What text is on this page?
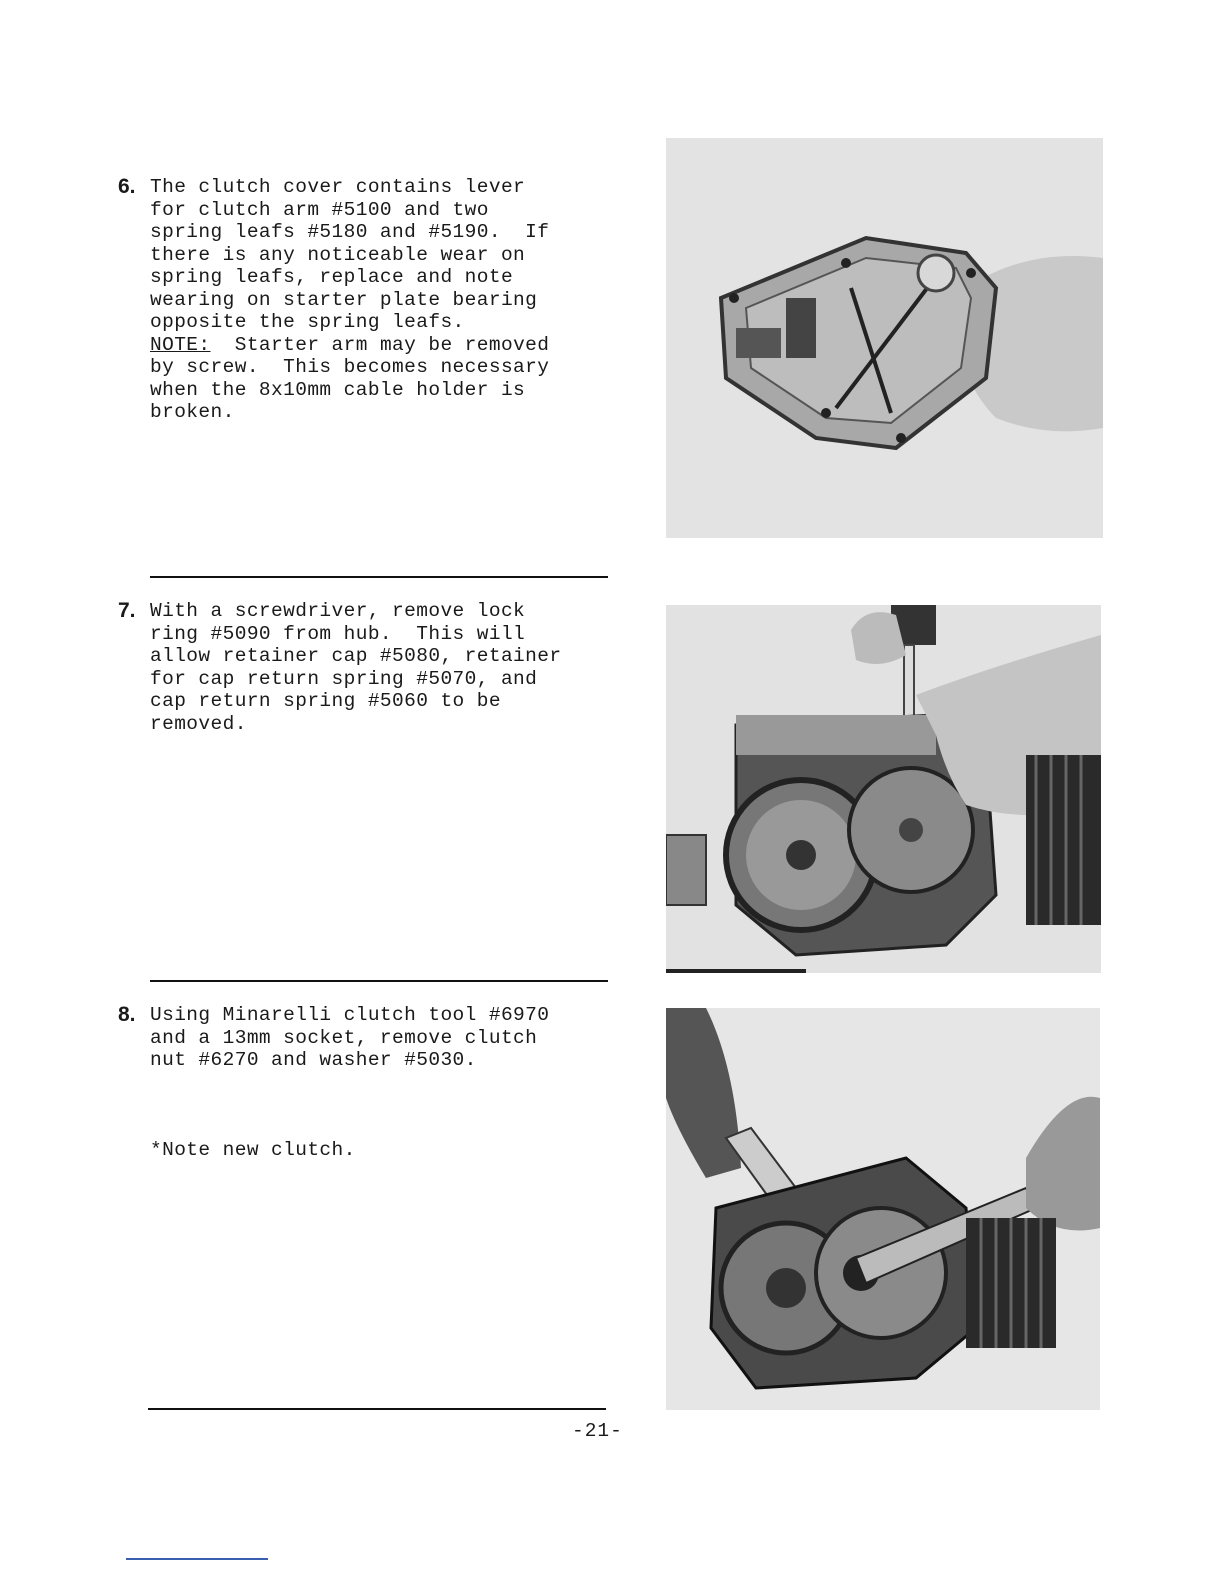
6. The clutch cover contains lever
for clutch arm #5100 and two
spring leafs #5180 and #5190.  If
there is any noticeable wear on
spring leafs, replace and note
wearing on starter plate bearing
opposite the spring leafs.
NOTE:  Starter arm may be removed
by screw.  This becomes necessary
when the 8x10mm cable holder is
broken.
7. With a screwdriver, remove lock
ring #5090 from hub.  This will
allow retainer cap #5080, retainer
for cap return spring #5070, and
cap return spring #5060 to be
removed.
8. Using Minarelli clutch tool #6970
and a 13mm socket, remove clutch
nut #6270 and washer #5030.
*Note new clutch.
-21-
